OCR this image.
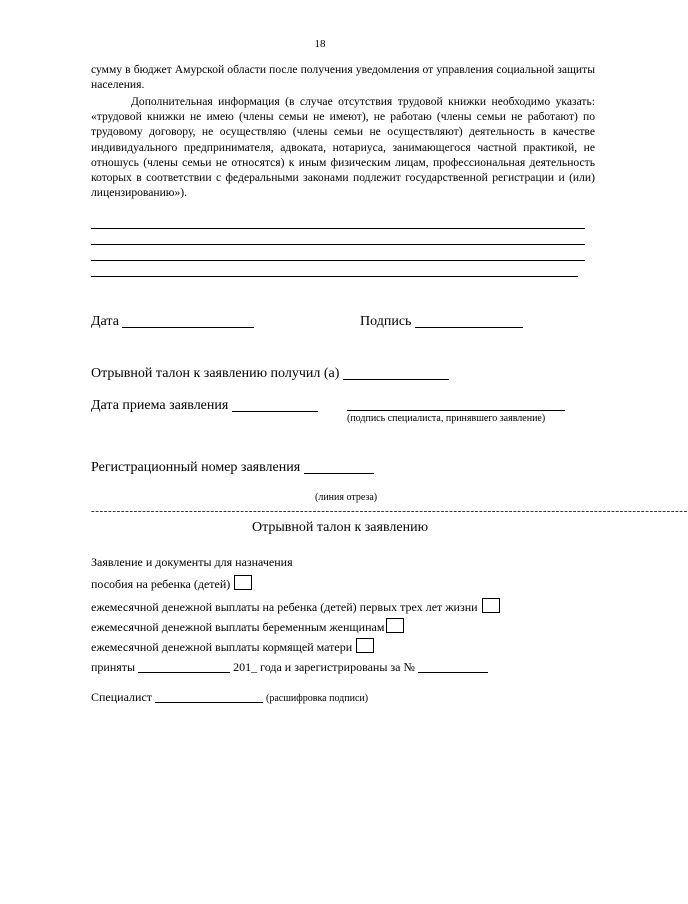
18
сумму в бюджет Амурской области после получения уведомления от управления социальной защиты населения.
Дополнительная информация (в случае отсутствия трудовой книжки необходимо указать: «трудовой книжки не имею (члены семьи не имеют), не работаю (члены семьи не работают) по трудовому договору, не осуществляю (члены семьи не осуществляют) деятельность в качестве индивидуального предпринимателя, адвоката, нотариуса, занимающегося частной практикой, не отношусь (члены семьи не относятся) к иным физическим лицам, профессиональная деятельность которых в соответствии с федеральными законами подлежит государственной регистрации и (или) лицензированию»).
Дата	Подпись
Отрывной талон к заявлению получил (а)
Дата приема заявления
(подпись специалиста, принявшего заявление)
Регистрационный номер заявления
(линия отреза)
--------------------------------------------------------------------------------------------------------------------------------------------
Отрывной талон к заявлению
Заявление и документы для назначения
пособия на ребенка (детей)
ежемесячной денежной выплаты на ребенка (детей) первых трех лет жизни
ежемесячной денежной выплаты беременным женщинам
ежемесячной денежной выплаты кормящей матери
приняты	201_ года и зарегистрированы за №
Специалист	(расшифровка подписи)
